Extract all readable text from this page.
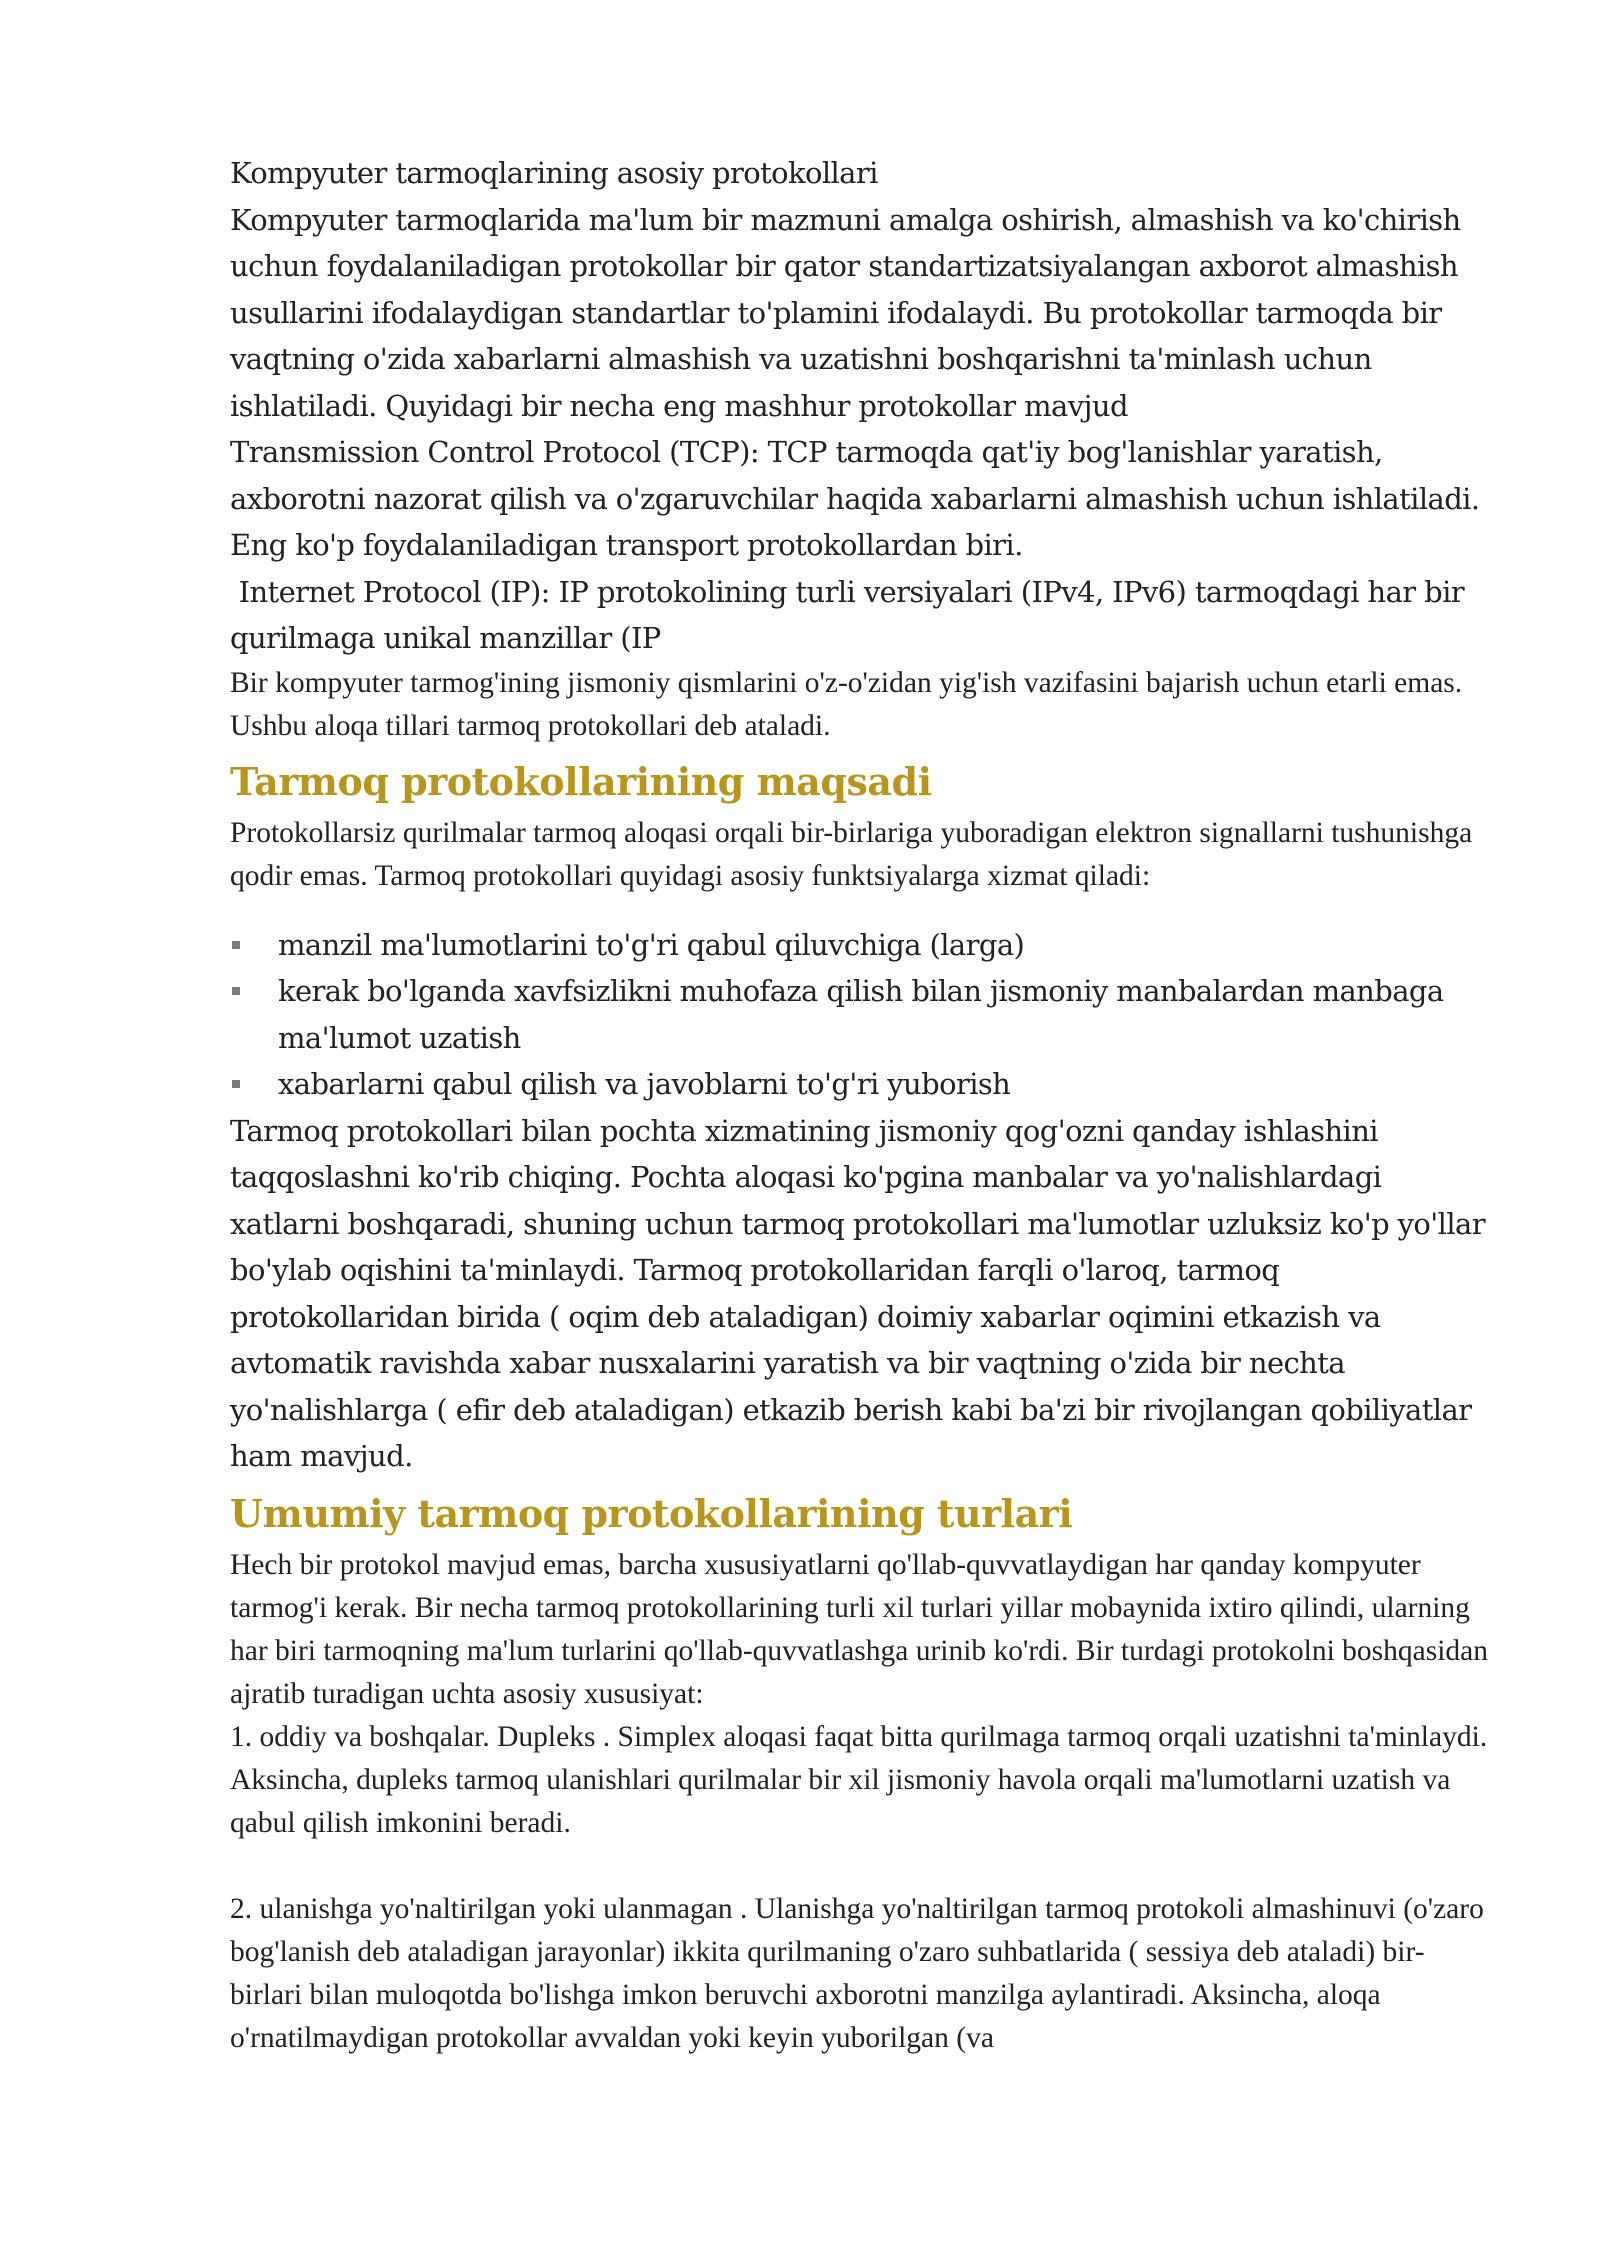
Kompyuter tarmoqlarining asosiy protokollari

Kompyuter tarmoqlarida ma'lum bir mazmuni amalga oshirish, almashish va ko'chirish uchun foydalaniladigan protokollar bir qator standartizatsiyalangan axborot almashish usullarini ifodalaydigan standartlar to'plamini ifodalaydi. Bu protokollar tarmoqda bir vaqtning o'zida xabarlarni almashish va uzatishni boshqarishni ta'minlash uchun ishlatiladi. Quyidagi bir necha eng mashhur protokollar mavjud

Transmission Control Protocol (TCP): TCP tarmoqda qat'iy bog'lanishlar yaratish, axborotni nazorat qilish va o'zgaruvchilar haqida xabarlarni almashish uchun ishlatiladi. Eng ko'p foydalaniladigan transport protokollardan biri.

Internet Protocol (IP): IP protokolining turli versiyalari (IPv4, IPv6) tarmoqdagi har bir qurilmaga unikal manzillar (IP

Bir kompyuter tarmog'ining jismoniy qismlarini o'z-o'zidan yig'ish vazifasini bajarish uchun etarli emas. Ushbu aloqa tillari tarmoq protokollari deb ataladi.

Tarmoq protokollarining maqsadi

Protokollarsiz qurilmalar tarmoq aloqasi orqali bir-birlariga yuboradigan elektron signallarni tushunishga qodir emas. Tarmoq protokollari quyidagi asosiy funktsiyalarga xizmat qiladi:

manzil ma'lumotlarini to'g'ri qabul qiluvchiga (larga)
kerak bo'lganda xavfsizlikni muhofaza qilish bilan jismoniy manbalardan manbaga ma'lumot uzatish
xabarlarni qabul qilish va javoblarni to'g'ri yuborish

Tarmoq protokollari bilan pochta xizmatining jismoniy qog'ozni qanday ishlashini taqqoslashni ko'rib chiqing. Pochta aloqasi ko'pgina manbalar va yo'nalishlardagi xatlarni boshqaradi, shuning uchun tarmoq protokollari ma'lumotlar uzluksiz ko'p yo'llar bo'ylab oqishini ta'minlaydi. Tarmoq protokollaridan farqli o'laroq, tarmoq protokollaridan birida ( oqim deb ataladigan) doimiy xabarlar oqimini etkazish va avtomatik ravishda xabar nusxalarini yaratish va bir vaqtning o'zida bir nechta yo'nalishlarga ( efir deb ataladigan) etkazib berish kabi ba'zi bir rivojlangan qobiliyatlar ham mavjud.

Umumiy tarmoq protokollarining turlari

Hech bir protokol mavjud emas, barcha xususiyatlarni qo'llab-quvvatlaydigan har qanday kompyuter tarmog'i kerak. Bir necha tarmoq protokollarining turli xil turlari yillar mobaynida ixtiro qilindi, ularning har biri tarmoqning ma'lum turlarini qo'llab-quvvatlashga urinib ko'rdi. Bir turdagi protokolni boshqasidan ajratib turadigan uchta asosiy xususiyat:

1. oddiy va boshqalar. Dupleks . Simplex aloqasi faqat bitta qurilmaga tarmoq orqali uzatishni ta'minlaydi. Aksincha, dupleks tarmoq ulanishlari qurilmalar bir xil jismoniy havola orqali ma'lumotlarni uzatish va qabul qilish imkonini beradi.

2. ulanishga yo'naltirilgan yoki ulanmagan . Ulanishga yo'naltirilgan tarmoq protokoli almashinuvi (o'zaro bog'lanish deb ataladigan jarayonlar) ikkita qurilmaning o'zaro suhbatlarida ( sessiya deb ataladi) bir-birlari bilan muloqotda bo'lishga imkon beruvchi axborotni manzilga aylantiradi. Aksincha, aloqa o'rnatilmaydigan protokollar avvaldan yoki keyin yuborilgan (va
